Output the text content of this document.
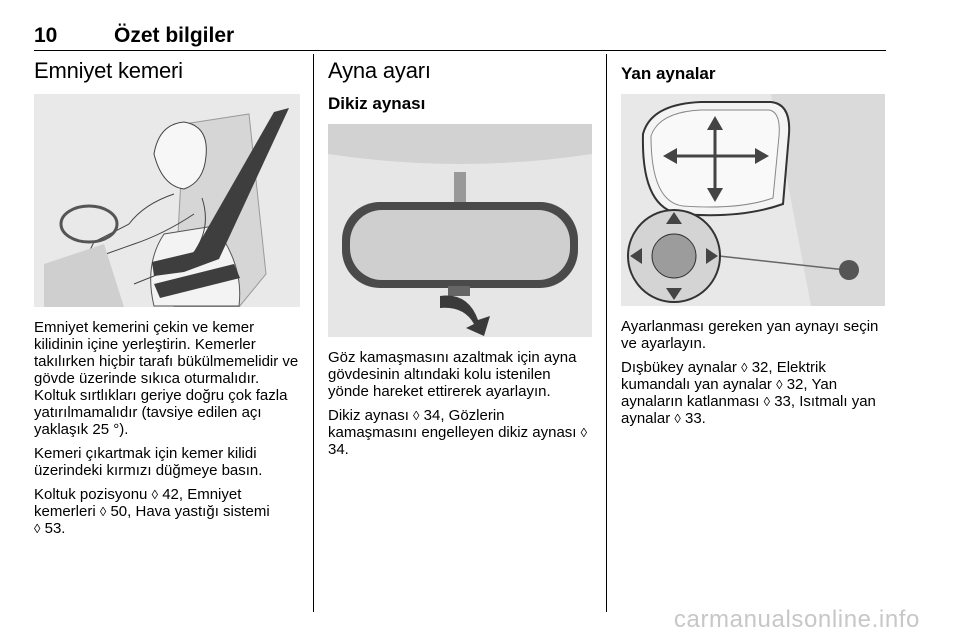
10	Özet bilgiler
Emniyet kemeri

Emniyet kemerini çekin ve kemer kilidinin içine yerleştirin. Kemerler takılırken hiçbir tarafı bükülmemelidir ve gövde üzerinde sıkıca oturmalıdır. Koltuk sırtlıkları geriye doğru çok fazla yatırılmamalıdır (tavsiye edilen açı yaklaşık 25 °).

Kemeri çıkartmak için kemer kilidi üzerindeki kırmızı düğmeye basın.

Koltuk pozisyonu ◊ 42, Emniyet kemerleri ◊ 50, Hava yastığı sistemi
◊ 53.

Ayna ayarı
Dikiz aynası

Göz kamaşmasını azaltmak için ayna gövdesinin altındaki kolu istenilen yönde hareket ettirerek ayarlayın.

Dikiz aynası ◊ 34, Gözlerin kamaşmasını engelleyen dikiz aynası ◊ 34.

Yan aynalar

Ayarlanması gereken yan aynayı seçin ve ayarlayın.

Dışbükey aynalar ◊ 32, Elektrik kumandalı yan aynalar ◊ 32, Yan aynaların katlanması ◊ 33, Isıtmalı yan aynalar ◊ 33.

carmanualsonline.info
